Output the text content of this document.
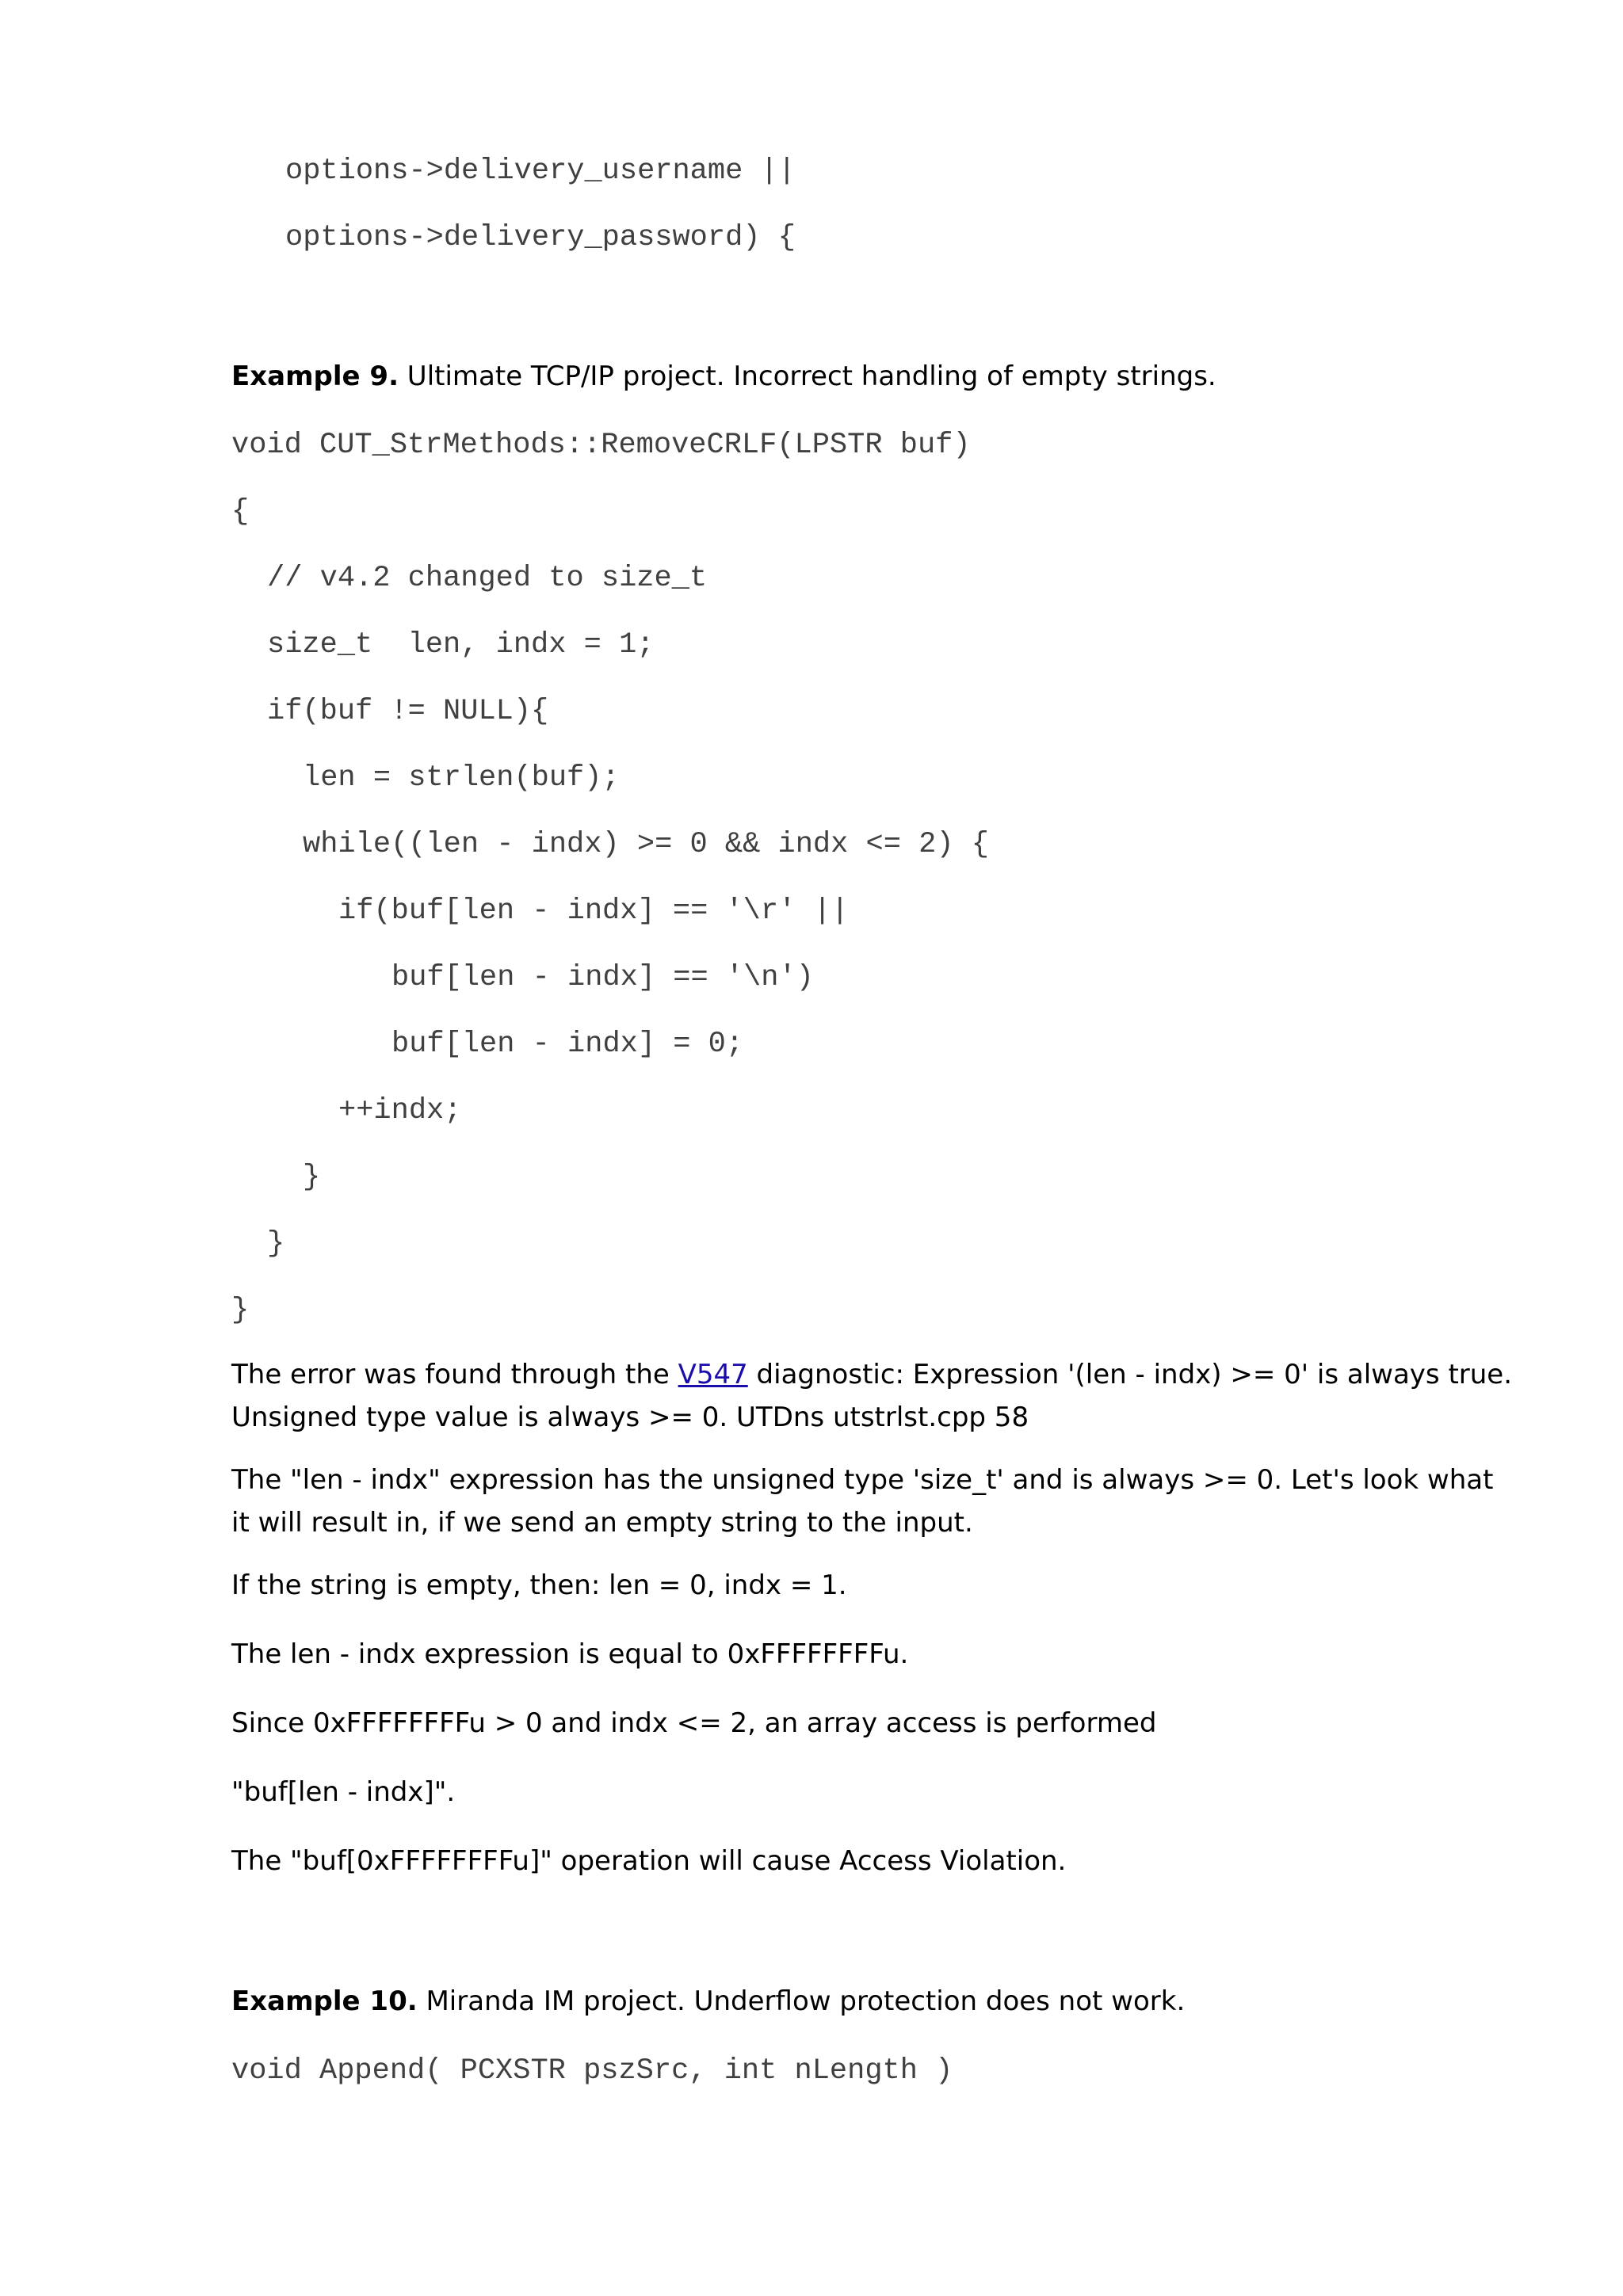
options->delivery_username ||
options->delivery_password) {
Example 9. Ultimate TCP/IP project. Incorrect handling of empty strings.
void CUT_StrMethods::RemoveCRLF(LPSTR buf)
{
// v4.2 changed to size_t
size_t  len, indx = 1;
if(buf != NULL){
len = strlen(buf);
while((len - indx) >= 0 && indx <= 2) {
if(buf[len - indx] == '\r' ||
buf[len - indx] == '\n')
buf[len - indx] = 0;
++indx;
}
}
}
The error was found through the V547 diagnostic: Expression '(len - indx) >= 0' is always true. Unsigned type value is always >= 0. UTDns utstrlst.cpp 58
The "len - indx" expression has the unsigned type 'size_t' and is always >= 0. Let's look what it will result in, if we send an empty string to the input.
If the string is empty, then: len = 0, indx = 1.
The len - indx expression is equal to 0xFFFFFFFFu.
Since 0xFFFFFFFFu > 0 and indx <= 2, an array access is performed
"buf[len - indx]".
The "buf[0xFFFFFFFFu]" operation will cause Access Violation.
Example 10. Miranda IM project. Underflow protection does not work.
void Append( PCXSTR pszSrc, int nLength )
